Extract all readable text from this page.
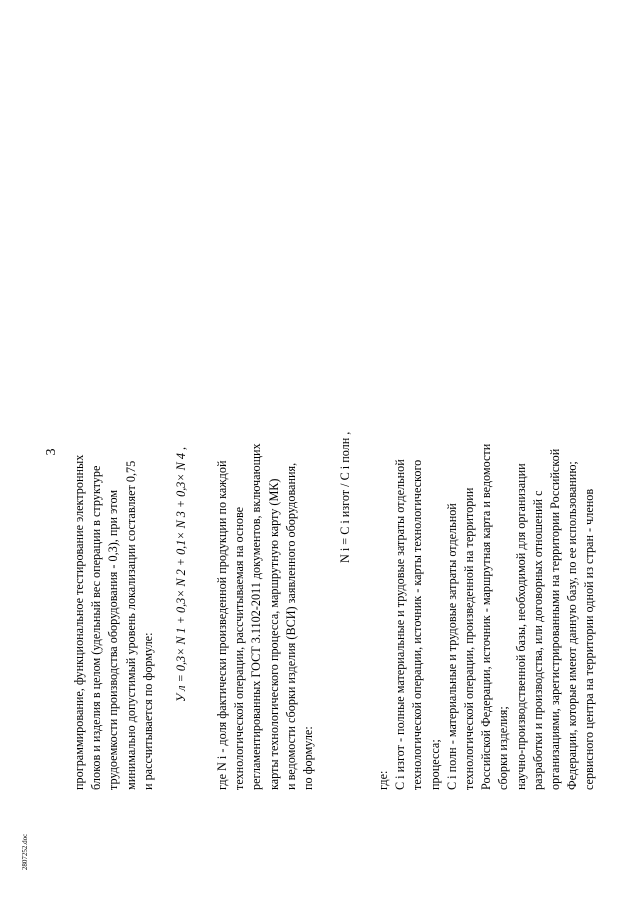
3
2807252.doc
программирование, функциональное тестирование электронных блоков и изделия в целом (удельный вес операции в структуре трудоемкости производства оборудования - 0,3), при этом минимально допустимый уровень локализации составляет 0,75 и рассчитывается по формуле:
У л = 0,3× N 1 + 0,3× N 2 + 0,1× N 3 + 0,3× N 4 ,	где N i - доля фактически произведенной продукции по каждой технологической операции, рассчитываемая на основе регламентированных ГОСТ 3.1102-2011 документов, включающих карты технологического процесса, маршрутную карту (МК) и ведомости сборки изделия (ВСИ) заявленного оборудования, по формуле:
N i = C i изгот / C i полн ,
где: C i изгот - полные материальные и трудовые затраты отдельной технологической операции, источник - карты технологического процесса; C i полн - материальные и трудовые затраты отдельной технологической операции, произведенной на территории Российской Федерации, источник - маршрутная карта и ведомости сборки изделия; научно-производственной базы, необходимой для организации разработки и производства, или договорных отношений с организациями, зарегистрированными на территории Российской Федерации, которые имеют данную базу, по ее использованию; сервисного центра на территории одной из стран - членов
